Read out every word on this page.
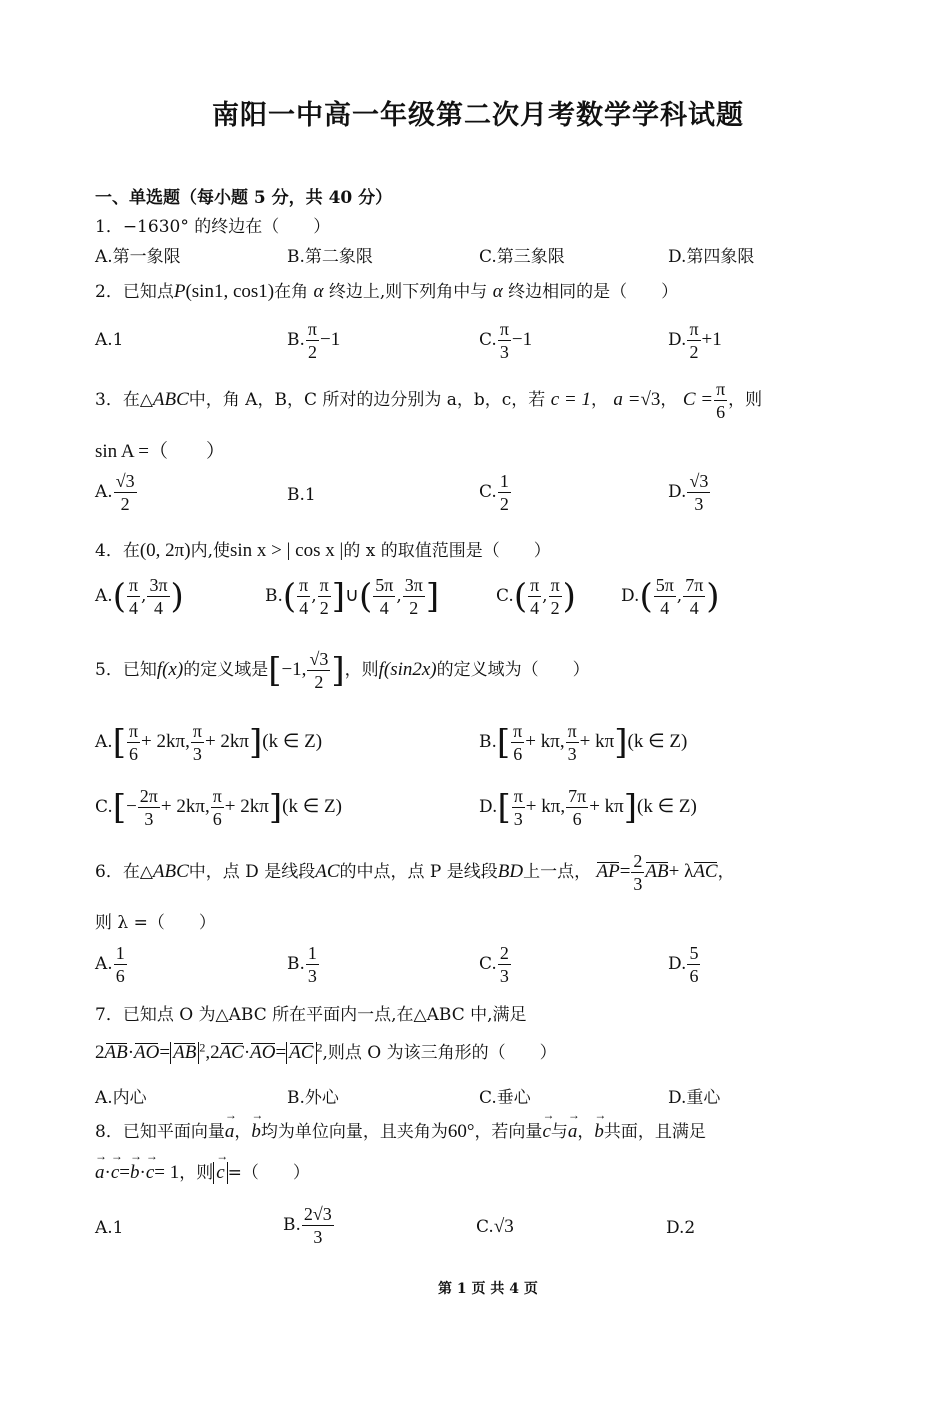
南阳一中高一年级第二次月考数学学科试题
一、单选题（每小题 5 分，共 40 分）
1．−1630° 的终边在（　　）
A.第一象限	B.第二象限	C.第三象限	D.第四象限
2．已知点P(sin1, cos1)在角 α 终边上,则下列角中与 α 终边相同的是（　　）
A.1	B. $\frac{\pi}{2} -1$	C. $\frac{\pi}{3} -1$	D. $\frac{\pi}{2} +1$
3．在△ABC中，角 A，B，C 所对的边分别为 a，b，c，若 c = 1， a =√3， $C = \frac{\pi}{6}$ ，则
sin A =（　　）
A. $\frac{√3}{2}$	B.1	C. $\frac{1}{2}$	D. $\frac{√3}{3}$
4．在(0, 2π)内,使sin x > | cos x |的 x 的取值范围是（　　）
$A.( \frac{\pi}{4}$ , $\frac{3\pi}{4}$ )	$B.( \frac{\pi}{4}$ , $\frac{\pi}{2}$ ]∪( $\frac{5\pi}{4}$ , $\frac{3\pi}{2}$ ]	$C.( \frac{\pi}{4}$ , $\frac{\pi}{2}$ )	$D.( \frac{5\pi}{4}$ , $\frac{7\pi}{4}$ )
5．已知f(x)的定义域是[−1, $\frac{√3}{2}$ ]，则f(sin2x)的定义域为（　　）
$A.[ \frac{\pi}{6} + 2k\pi$, $\frac{\pi}{3} + 2k\pi](k$ ∈ Z)	$B.[ \frac{\pi}{6} + k\pi$, $\frac{\pi}{3} + k\pi](k$ ∈ Z)
$C.[- \frac{2\pi}{3} + 2k\pi$, $\frac{\pi}{6} + 2k\pi](k$ ∈ Z)	$D.[ \frac{\pi}{3} + k\pi$, $\frac{7\pi}{6} + k\pi](k$ ∈ Z)
6．在△ABC中，点 D 是线段AC的中点，点 P 是线段BD上一点， $AP= \frac{2}{3} AB+ \lambda AC$，
则 λ =（　　）
A. $\frac{1}{6}$	B. $\frac{1}{3}$	C. $\frac{2}{3}$	D. $\frac{5}{6}$
7．已知点 O 为△ABC 所在平面内一点,在△ABC 中,满足
2AB·AO= AB $^2$,2AC·AO= AC $^2$,则点 O 为该三角形的（　　）
A.内心	B.外心	C.垂心	D.重心
8．已知平面向量→ a，→ b均为单位向量，且夹角为60°，若向量→ c与→ a，→ b共面，且满足
→ a·→ c=→ b·→ c= 1，则→ c =（　　）
A.1	B. $\frac{2√3}{3}$	C.√3	D.2
第 1 页 共 4 页
